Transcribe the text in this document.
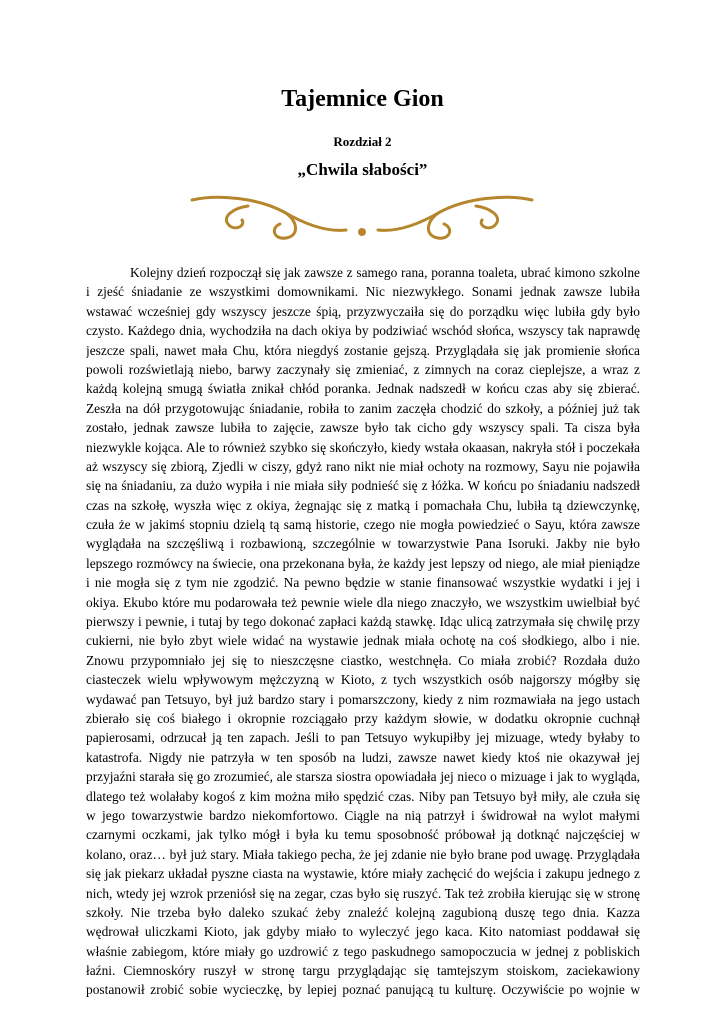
Tajemnice Gion
Rozdział 2
„Chwila słabości”
Kolejny dzień rozpoczął się jak zawsze z samego rana, poranna toaleta, ubrać kimono szkolne
i zjeść śniadanie ze wszystkimi domownikami. Nic niezwykłego. Sonami jednak zawsze lubiła
wstawać wcześniej gdy wszyscy jeszcze śpią, przyzwyczaiła się do porządku więc lubiła gdy było
czysto. Każdego dnia, wychodziła na dach okiya by podziwiać wschód słońca, wszyscy tak naprawdę
jeszcze spali, nawet mała Chu, która niegdyś zostanie gejszą. Przyglądała się jak promienie słońca
powoli rozświetlają niebo, barwy zaczynały się zmieniać, z zimnych na coraz cieplejsze, a wraz z
każdą kolejną smugą światła znikał chłód poranka. Jednak nadszedł w końcu czas aby się zbierać.
Zeszła na dół przygotowując śniadanie, robiła to zanim zaczęła chodzić do szkoły, a później już tak
zostało, jednak zawsze lubiła to zajęcie, zawsze było tak cicho gdy wszyscy spali. Ta cisza była
niezwykle kojąca. Ale to również szybko się skończyło, kiedy wstała okaasan, nakryła stół i poczekała
aż wszyscy się zbiorą, Zjedli w ciszy, gdyż rano nikt nie miał ochoty na rozmowy, Sayu nie pojawiła
się na śniadaniu, za dużo wypiła i nie miała siły podnieść się z łóżka. W końcu po śniadaniu nadszedł
czas na szkołę, wyszła więc z okiya, żegnając się z matką i pomachała Chu, lubiła tą dziewczynkę,
czuła że w jakimś stopniu dzielą tą samą historie, czego nie mogła powiedzieć o Sayu, która zawsze
wyglądała na szczęśliwą i rozbawioną, szczególnie w towarzystwie Pana Isoruki. Jakby nie było
lepszego rozmówcy na świecie, ona przekonana była, że każdy jest lepszy od niego, ale miał pieniądze
i nie mogła się z tym nie zgodzić. Na pewno będzie w stanie finansować wszystkie wydatki i jej i
okiya. Ekubo które mu podarowała też pewnie wiele dla niego znaczyło, we wszystkim uwielbiał być
pierwszy i pewnie, i tutaj by tego dokonać zapłaci każdą stawkę. Idąc ulicą zatrzymała się chwilę przy
cukierni, nie było zbyt wiele widać na wystawie jednak miała ochotę na coś słodkiego, albo i nie.
Znowu przypomniało jej się to nieszczęsne ciastko, westchnęła. Co miała zrobić? Rozdała dużo
ciasteczek wielu wpływowym mężczyzną w Kioto, z tych wszystkich osób najgorszy mógłby się
wydawać pan Tetsuyo, był już bardzo stary i pomarszczony, kiedy z nim rozmawiała na jego ustach
zbierało się coś białego i okropnie rozciągało przy każdym słowie, w dodatku okropnie cuchnął
papierosami, odrzucał ją ten zapach. Jeśli to pan Tetsuyo wykupiłby jej mizuage, wtedy byłaby to
katastrofa. Nigdy nie patrzyła w ten sposób na ludzi, zawsze nawet kiedy ktoś nie okazywał jej
przyjaźni starała się go zrozumieć, ale starsza siostra opowiadała jej nieco o mizuage i jak to wygląda,
dlatego też wolałaby kogoś z kim można miło spędzić czas. Niby pan Tetsuyo był miły, ale czuła się
w jego towarzystwie bardzo niekomfortowo. Ciągle na nią patrzył i świdrował na wylot małymi
czarnymi oczkami, jak tylko mógł i była ku temu sposobność próbował ją dotknąć najczęściej w
kolano, oraz… był już stary. Miała takiego pecha, że jej zdanie nie było brane pod uwagę. Przyglądała
się jak piekarz układał pyszne ciasta na wystawie, które miały zachęcić do wejścia i zakupu jednego z
nich, wtedy jej wzrok przeniósł się na zegar, czas było się ruszyć. Tak też zrobiła kierując się w stronę
szkoły. Nie trzeba było daleko szukać żeby znaleźć kolejną zagubioną duszę tego dnia. Kazza
wędrował uliczkami Kioto, jak gdyby miało to wyleczyć jego kaca. Kito natomiast poddawał się
właśnie zabiegom, które miały go uzdrowić z tego paskudnego samopoczucia w jednej z pobliskich
łaźni. Ciemnoskóry ruszył w stronę targu przyglądając się tamtejszym stoiskom, zaciekawiony
postanowił zrobić sobie wycieczkę, by lepiej poznać panującą tu kulturę. Oczywiście po wojnie w
